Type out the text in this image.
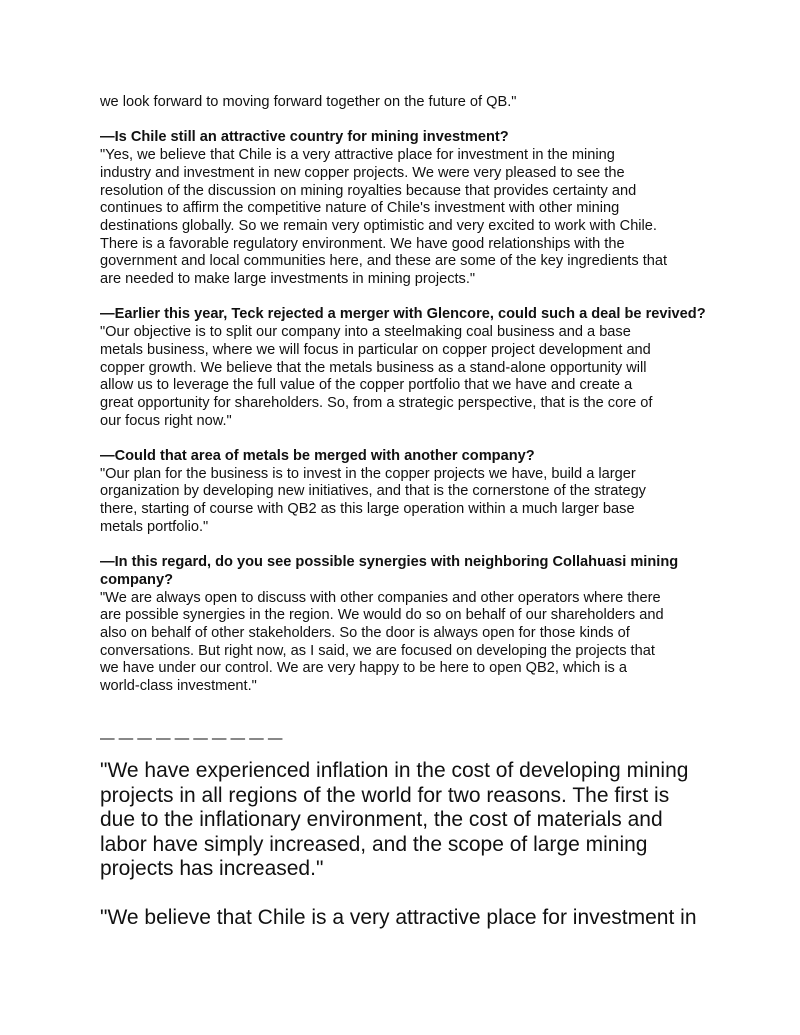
we look forward to moving forward together on the future of QB."

—Is Chile still an attractive country for mining investment?

"Yes, we believe that Chile is a very attractive place for investment in the mining

industry and investment in new copper projects. We were very pleased to see the

resolution of the discussion on mining royalties because that provides certainty and

continues to affirm the competitive nature of Chile's investment with other mining

destinations globally. So we remain very optimistic and very excited to work with Chile.

There is a favorable regulatory environment. We have good relationships with the

government and local communities here, and these are some of the key ingredients that

are needed to make large investments in mining projects."

—Earlier this year, Teck rejected a merger with Glencore, could such a deal be revived?

"Our objective is to split our company into a steelmaking coal business and a base

metals business, where we will focus in particular on copper project development and

copper growth. We believe that the metals business as a stand-alone opportunity will

allow us to leverage the full value of the copper portfolio that we have and create a

great opportunity for shareholders. So, from a strategic perspective, that is the core of

our focus right now."

—Could that area of metals be merged with another company?

"Our plan for the business is to invest in the copper projects we have, build a larger

organization by developing new initiatives, and that is the cornerstone of the strategy

there, starting of course with QB2 as this large operation within a much larger base

metals portfolio."

—In this regard, do you see possible synergies with neighboring Collahuasi mining company?

"We are always open to discuss with other companies and other operators where there

are possible synergies in the region. We would do so on behalf of our shareholders and

also on behalf of other stakeholders. So the door is always open for those kinds of

conversations. But right now, as I said, we are focused on developing the projects that

we have under our control. We are very happy to be here to open QB2, which is a

world-class investment."

— — — — — — — — — —

"We have experienced inflation in the cost of developing mining projects in all regions of the world for two reasons. The first is due to the inflationary environment, the cost of materials and labor have simply increased, and the scope of large mining projects has increased."

"We believe that Chile is a very attractive place for investment in
